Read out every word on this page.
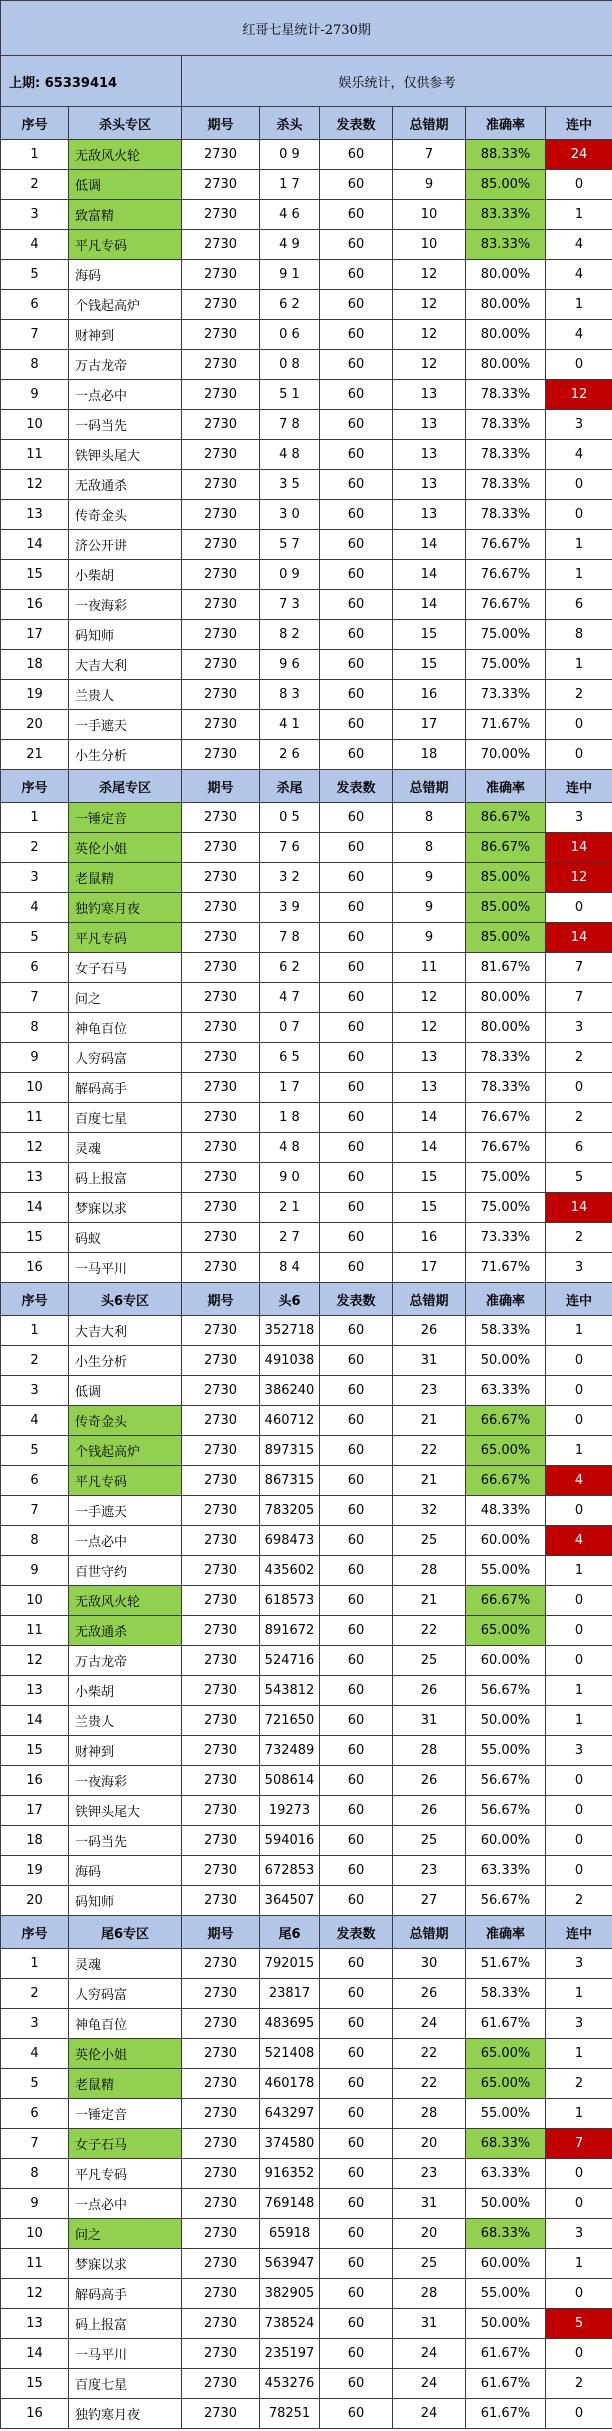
红哥七星统计-2730期							
上期: 65339414		娱乐统计，仅供参考					
序号	杀头专区	期号	杀头	发表数	总错期	准确率	连中
1	无敌风火轮	2730	0 9	60	7	88.33%	24
2	低调	2730	1 7	60	9	85.00%	0
3	致富精	2730	4 6	60	10	83.33%	1
4	平凡专码	2730	4 9	60	10	83.33%	4
5	海码	2730	9 1	60	12	80.00%	4
6	个钱起高炉	2730	6 2	60	12	80.00%	1
7	财神到	2730	0 6	60	12	80.00%	4
8	万古龙帝	2730	0 8	60	12	80.00%	0
9	一点必中	2730	5 1	60	13	78.33%	12
10	一码当先	2730	7 8	60	13	78.33%	3
11	铁钾头尾大	2730	4 8	60	13	78.33%	4
12	无敌通杀	2730	3 5	60	13	78.33%	0
13	传奇金头	2730	3 0	60	13	78.33%	0
14	济公开讲	2730	5 7	60	14	76.67%	1
15	小柴胡	2730	0 9	60	14	76.67%	1
16	一夜海彩	2730	7 3	60	14	76.67%	6
17	码知师	2730	8 2	60	15	75.00%	8
18	大吉大利	2730	9 6	60	15	75.00%	1
19	兰贵人	2730	8 3	60	16	73.33%	2
20	一手遮天	2730	4 1	60	17	71.67%	0
21	小生分析	2730	2 6	60	18	70.00%	0
序号	杀尾专区	期号	杀尾	发表数	总错期	准确率	连中
1	一锤定音	2730	0 5	60	8	86.67%	3
2	英伦小姐	2730	7 6	60	8	86.67%	14
3	老鼠精	2730	3 2	60	9	85.00%	12
4	独钓寒月夜	2730	3 9	60	9	85.00%	0
5	平凡专码	2730	7 8	60	9	85.00%	14
6	女子石马	2730	6 2	60	11	81.67%	7
7	问之	2730	4 7	60	12	80.00%	7
8	神龟百位	2730	0 7	60	12	80.00%	3
9	人穷码富	2730	6 5	60	13	78.33%	2
10	解码高手	2730	1 7	60	13	78.33%	0
11	百度七星	2730	1 8	60	14	76.67%	2
12	灵魂	2730	4 8	60	14	76.67%	6
13	码上报富	2730	9 0	60	15	75.00%	5
14	梦寐以求	2730	2 1	60	15	75.00%	14
15	码蚁	2730	2 7	60	16	73.33%	2
16	一马平川	2730	8 4	60	17	71.67%	3
序号	头6专区	期号	头6	发表数	总错期	准确率	连中
1	大吉大利	2730	352718	60	26	58.33%	1
2	小生分析	2730	491038	60	31	50.00%	0
3	低调	2730	386240	60	23	63.33%	0
4	传奇金头	2730	460712	60	21	66.67%	0
5	个钱起高炉	2730	897315	60	22	65.00%	1
6	平凡专码	2730	867315	60	21	66.67%	4
7	一手遮天	2730	783205	60	32	48.33%	0
8	一点必中	2730	698473	60	25	60.00%	4
9	百世守约	2730	435602	60	28	55.00%	1
10	无敌风火轮	2730	618573	60	21	66.67%	0
11	无敌通杀	2730	891672	60	22	65.00%	0
12	万古龙帝	2730	524716	60	25	60.00%	0
13	小柴胡	2730	543812	60	26	56.67%	1
14	兰贵人	2730	721650	60	31	50.00%	1
15	财神到	2730	732489	60	28	55.00%	3
16	一夜海彩	2730	508614	60	26	56.67%	0
17	铁钾头尾大	2730	19273	60	26	56.67%	0
18	一码当先	2730	594016	60	25	60.00%	0
19	海码	2730	672853	60	23	63.33%	0
20	码知师	2730	364507	60	27	56.67%	2
序号	尾6专区	期号	尾6	发表数	总错期	准确率	连中
1	灵魂	2730	792015	60	30	51.67%	3
2	人穷码富	2730	23817	60	26	58.33%	1
3	神龟百位	2730	483695	60	24	61.67%	3
4	英伦小姐	2730	521408	60	22	65.00%	1
5	老鼠精	2730	460178	60	22	65.00%	2
6	一锤定音	2730	643297	60	28	55.00%	1
7	女子石马	2730	374580	60	20	68.33%	7
8	平凡专码	2730	916352	60	23	63.33%	0
9	一点必中	2730	769148	60	31	50.00%	0
10	问之	2730	65918	60	20	68.33%	3
11	梦寐以求	2730	563947	60	25	60.00%	1
12	解码高手	2730	382905	60	28	55.00%	0
13	码上报富	2730	738524	60	31	50.00%	5
14	一马平川	2730	235197	60	24	61.67%	0
15	百度七星	2730	453276	60	24	61.67%	2
16	独钓寒月夜	2730	78251	60	24	61.67%	0
